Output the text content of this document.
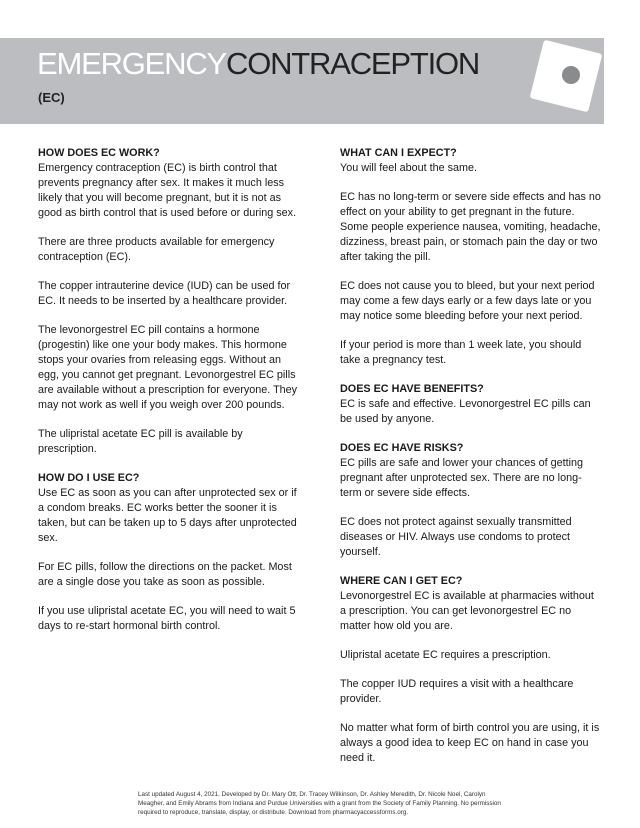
EMERGENCYCONTRACEPTION
(EC)
HOW DOES EC WORK?

Emergency contraception (EC) is birth control that prevents pregnancy after sex. It makes it much less likely that you will become pregnant, but it is not as good as birth control that is used before or during sex.

There are three products available for emergency contraception (EC).

The copper intrauterine device (IUD) can be used for EC. It needs to be inserted by a healthcare provider.

The levonorgestrel EC pill contains a hormone (progestin) like one your body makes. This hormone stops your ovaries from releasing eggs. Without an egg, you cannot get pregnant. Levonorgestrel EC pills are available without a prescription for everyone. They may not work as well if you weigh over 200 pounds.

The ulipristal acetate EC pill is available by prescription.

HOW DO I USE EC?

Use EC as soon as you can after unprotected sex or if a condom breaks. EC works better the sooner it is taken, but can be taken up to 5 days after unprotected sex.

For EC pills, follow the directions on the packet. Most are a single dose you take as soon as possible.

If you use ulipristal acetate EC, you will need to wait 5 days to re-start hormonal birth control.

WHAT CAN I EXPECT?

You will feel about the same.

EC has no long-term or severe side effects and has no effect on your ability to get pregnant in the future. Some people experience nausea, vomiting, headache, dizziness, breast pain, or stomach pain the day or two after taking the pill.

EC does not cause you to bleed, but your next period may come a few days early or a few days late or you may notice some bleeding before your next period.

If your period is more than 1 week late, you should take a pregnancy test.

DOES EC HAVE BENEFITS?

EC is safe and effective. Levonorgestrel EC pills can be used by anyone.

DOES EC HAVE RISKS?

EC pills are safe and lower your chances of getting pregnant after unprotected sex. There are no long-term or severe side effects.

EC does not protect against sexually transmitted diseases or HIV. Always use condoms to protect yourself.

WHERE CAN I GET EC?

Levonorgestrel EC is available at pharmacies without a prescription. You can get levonorgestrel EC no matter how old you are.

Ulipristal acetate EC requires a prescription.

The copper IUD requires a visit with a healthcare provider.

No matter what form of birth control you are using, it is always a good idea to keep EC on hand in case you need it.

Last updated August 4, 2021. Developed by Dr. Mary Ott, Dr. Tracey Wilkinson, Dr. Ashley Meredith, Dr. Nicole Noel, Carolyn Meagher, and Emily Abrams from Indiana and Purdue Universities with a grant from the Society of Family Planning. No permission required to reproduce, translate, display, or distribute. Download from pharmacyaccessforms.org.
